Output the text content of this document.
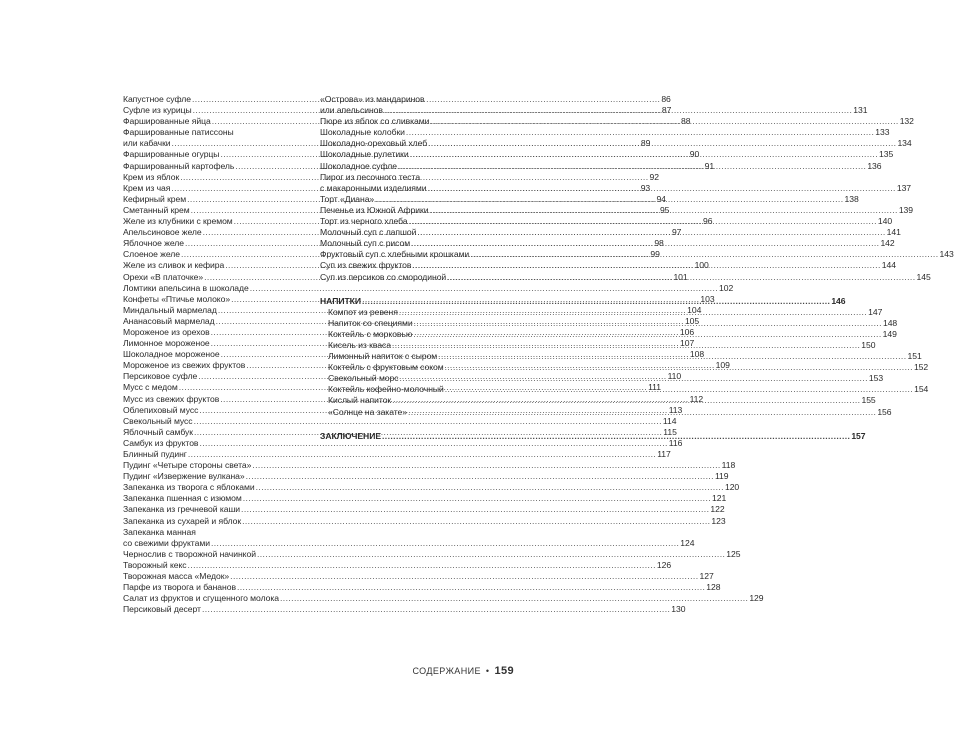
Капустное суфле .....	86
Суфле из курицы .....	87
Фаршированные яйца .....	88
Фаршированные патиссоны
или кабачки .....	89
Фаршированные огурцы .....	90
Фаршированный картофель .....	91
Крем из яблок .....	92
Крем из чая .....	93
Кефирный крем .....	94
Сметанный крем .....	95
Желе из клубники с кремом .....	96
Апельсиновое желе .....	97
Яблочное желе .....	98
Слоеное желе .....	99
Желе из сливок и кефира .....	100
Орехи «В платочке» .....	101
Ломтики апельсина в шоколаде .....	102
Конфеты «Птичье молоко» .....	103
Миндальный мармелад .....	104
Ананасовый мармелад .....	105
Мороженое из орехов .....	106
Лимонное мороженое .....	107
Шоколадное мороженое .....	108
Мороженое из свежих фруктов .....	109
Персиковое суфле .....	110
Мусс с медом .....	111
Мусс из свежих фруктов .....	112
Облепиховый мусс .....	113
Свекольный мусс .....	114
Яблочный самбук .....	115
Самбук из фруктов .....	116
Блинный пудинг .....	117
Пудинг «Четыре стороны света» .....	118
Пудинг «Извержение вулкана» .....	119
Запеканка из творога с яблоками .....	120
Запеканка пшенная с изюмом .....	121
Запеканка из гречневой каши .....	122
Запеканка из сухарей и яблок .....	123
Запеканка манная
со свежими фруктами .....	124
Чернослив с творожной начинкой .....	125
Творожный кекс .....	126
Творожная масса «Медок» .....	127
Парфе из творога и бананов .....	128
Салат из фруктов и сгущенного молока .....	129
Персиковый десерт .....	130
«Острова» из мандаринов
или апельсинов .....	131
Пюре из яблок со сливками .....	132
Шоколадные колобки .....	133
Шоколадно-ореховый хлеб .....	134
Шоколадные рулетики .....	135
Шоколадное суфле .....	136
Пирог из песочного теста
с макаронными изделиями .....	137
Торт «Диана» .....	138
Печенье из Южной Африки .....	139
Торт из черного хлеба .....	140
Молочный суп с лапшой .....	141
Молочный суп с рисом .....	142
Фруктовый суп с хлебными крошками .....	143
Суп из свежих фруктов .....	144
Суп из персиков со смородиной .....	145
НАПИТКИ .....	146
Компот из ревеня .....	147
Напиток со специями .....	148
Коктейль с морковью .....	149
Кисель из кваса .....	150
Лимонный напиток с сыром .....	151
Коктейль с фруктовым соком .....	152
Свекольный морс .....	153
Коктейль кофейно-молочный .....	154
Кислый напиток .....	155
«Солнце на закате» .....	156
ЗАКЛЮЧЕНИЕ .....	157
СОДЕРЖАНИЕ • 159
